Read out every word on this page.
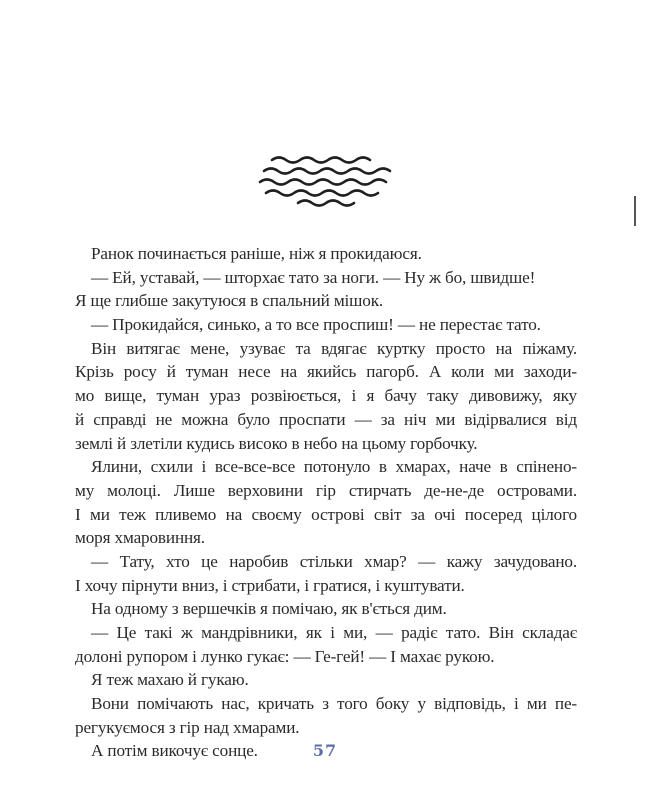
Ранок починається раніше, ніж я прокидаюся.
— Ей, уставай, — шторхає тато за ноги. — Ну ж бо, швидше!
Я ще глибше закутуюся в спальний мішок.
— Прокидайся, синько, а то все проспиш! — не перестає тато.
Він витягає мене, узуває та вдягає куртку просто на піжаму.
Крізь росу й туман несе на якийсь пагорб. А коли ми заходи-
мо вище, туман ураз розвіюється, і я бачу таку дивовижу, яку
й справді не можна було проспати — за ніч ми відірвалися від
землі й злетіли кудись високо в небо на цьому горбочку.
Ялини, схили і все-все-все потонуло в хмарах, наче в спінено-
му молоці. Лише верховини гір стирчать де-не-де островами.
І ми теж пливемо на своєму острові світ за очі посеред цілого
моря хмаровиння.
— Тату, хто це наробив стільки хмар? — кажу зачудовано.
І хочу пірнути вниз, і стрибати, і гратися, і куштувати.
На одному з вершечків я помічаю, як в'ється дим.
— Це такі ж мандрівники, як і ми, — радіє тато. Він складає
долоні рупором і лунко гукає: — Ге-гей! — І махає рукою.
Я теж махаю й гукаю.
Вони помічають нас, кричать з того боку у відповідь, і ми пе-
регукуємося з гір над хмарами.
А потім викочує сонце.	57
